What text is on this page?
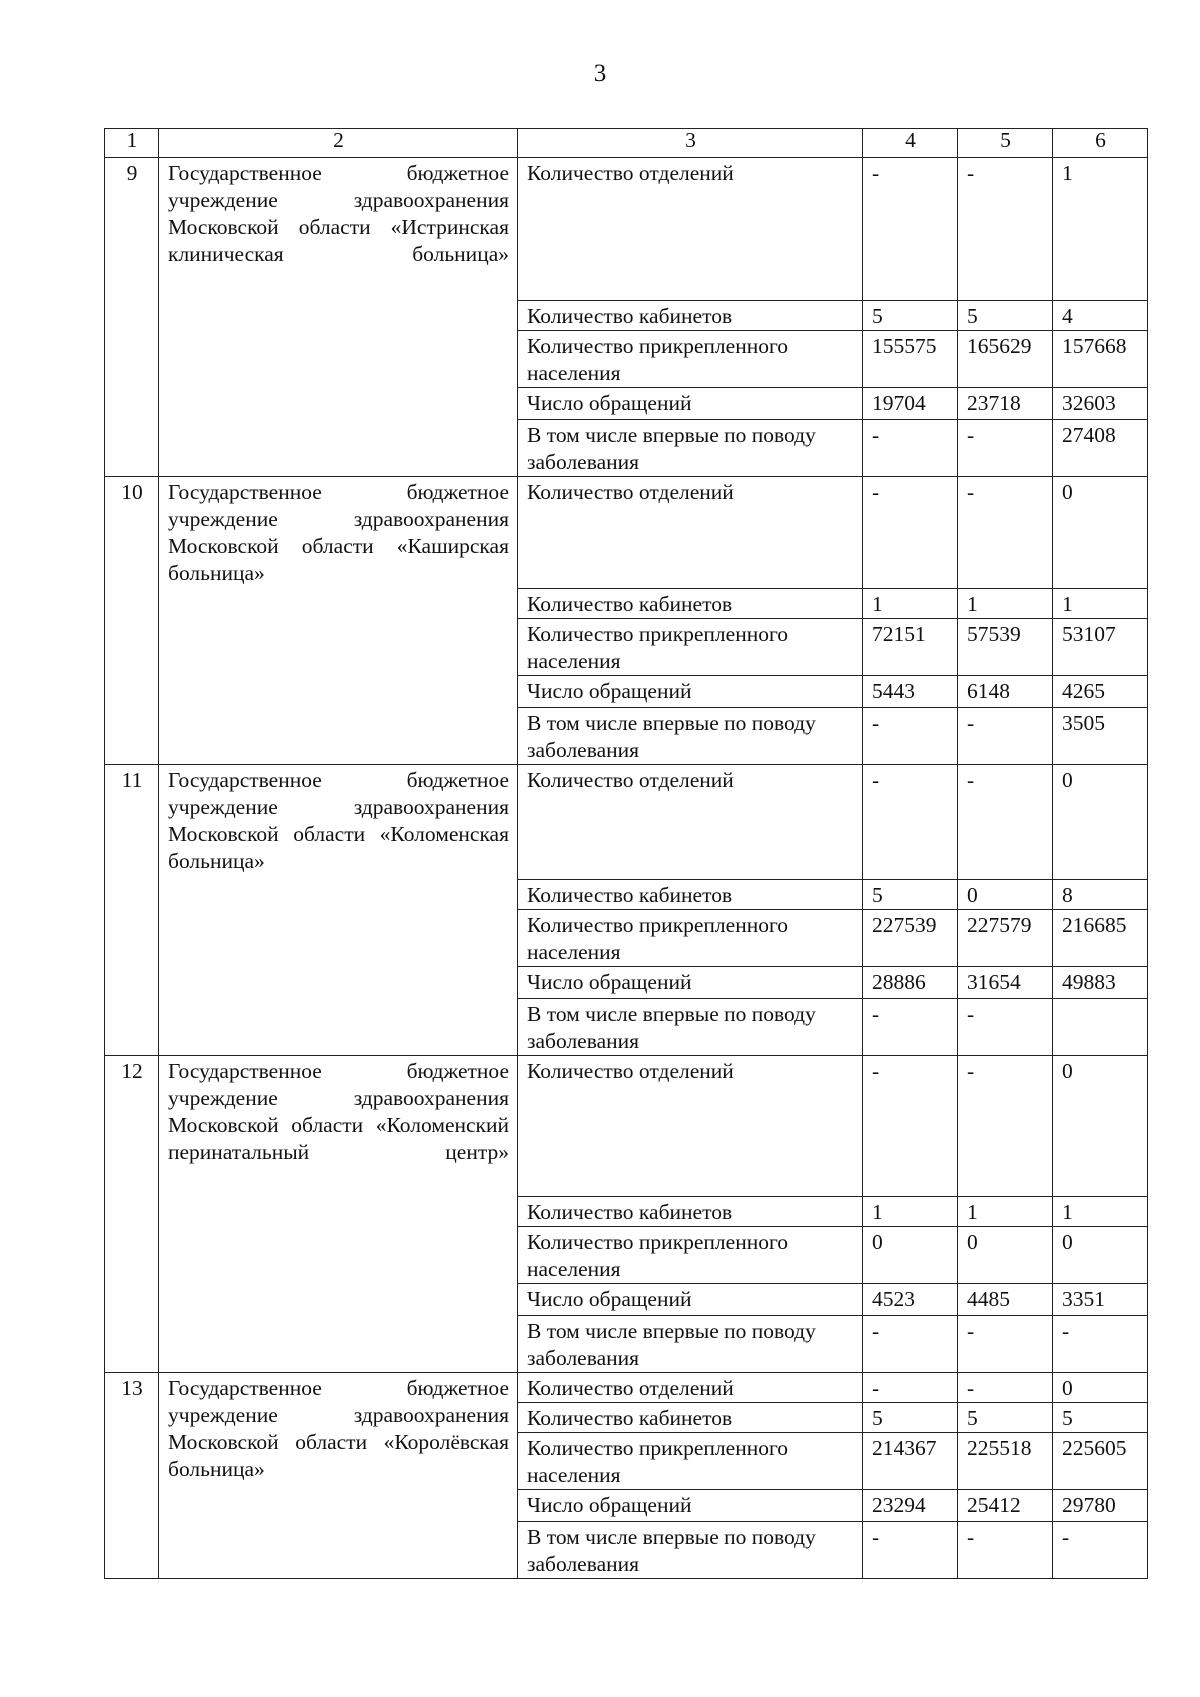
3
1	2	3	4	5	6
9	Государственное бюджетное учреждение здравоохранения Московской области «Истринская клиническая больница»	Количество отделений	-	-	1
		Количество кабинетов	5	5	4
		Количество прикрепленного населения	155575	165629	157668
		Число обращений	19704	23718	32603
		В том числе впервые по поводу заболевания	-	-	27408
10	Государственное бюджетное учреждение здравоохранения Московской области «Каширская больница»	Количество отделений	-	-	0
		Количество кабинетов	1	1	1
		Количество прикрепленного населения	72151	57539	53107
		Число обращений	5443	6148	4265
		В том числе впервые по поводу заболевания	-	-	3505
11	Государственное бюджетное учреждение здравоохранения Московской области «Коломенская больница»	Количество отделений	-	-	0
		Количество кабинетов	5	0	8
		Количество прикрепленного населения	227539	227579	216685
		Число обращений	28886	31654	49883
		В том числе впервые по поводу заболевания	-	-	
12	Государственное бюджетное учреждение здравоохранения Московской области «Коломенский перинатальный центр»	Количество отделений	-	-	0
		Количество кабинетов	1	1	1
		Количество прикрепленного населения	0	0	0
		Число обращений	4523	4485	3351
		В том числе впервые по поводу заболевания	-	-	-
13	Государственное бюджетное учреждение здравоохранения Московской области «Королёвская больница»	Количество отделений	-	-	0
		Количество кабинетов	5	5	5
		Количество прикрепленного населения	214367	225518	225605
		Число обращений	23294	25412	29780
		В том числе впервые по поводу заболевания	-	-	-
